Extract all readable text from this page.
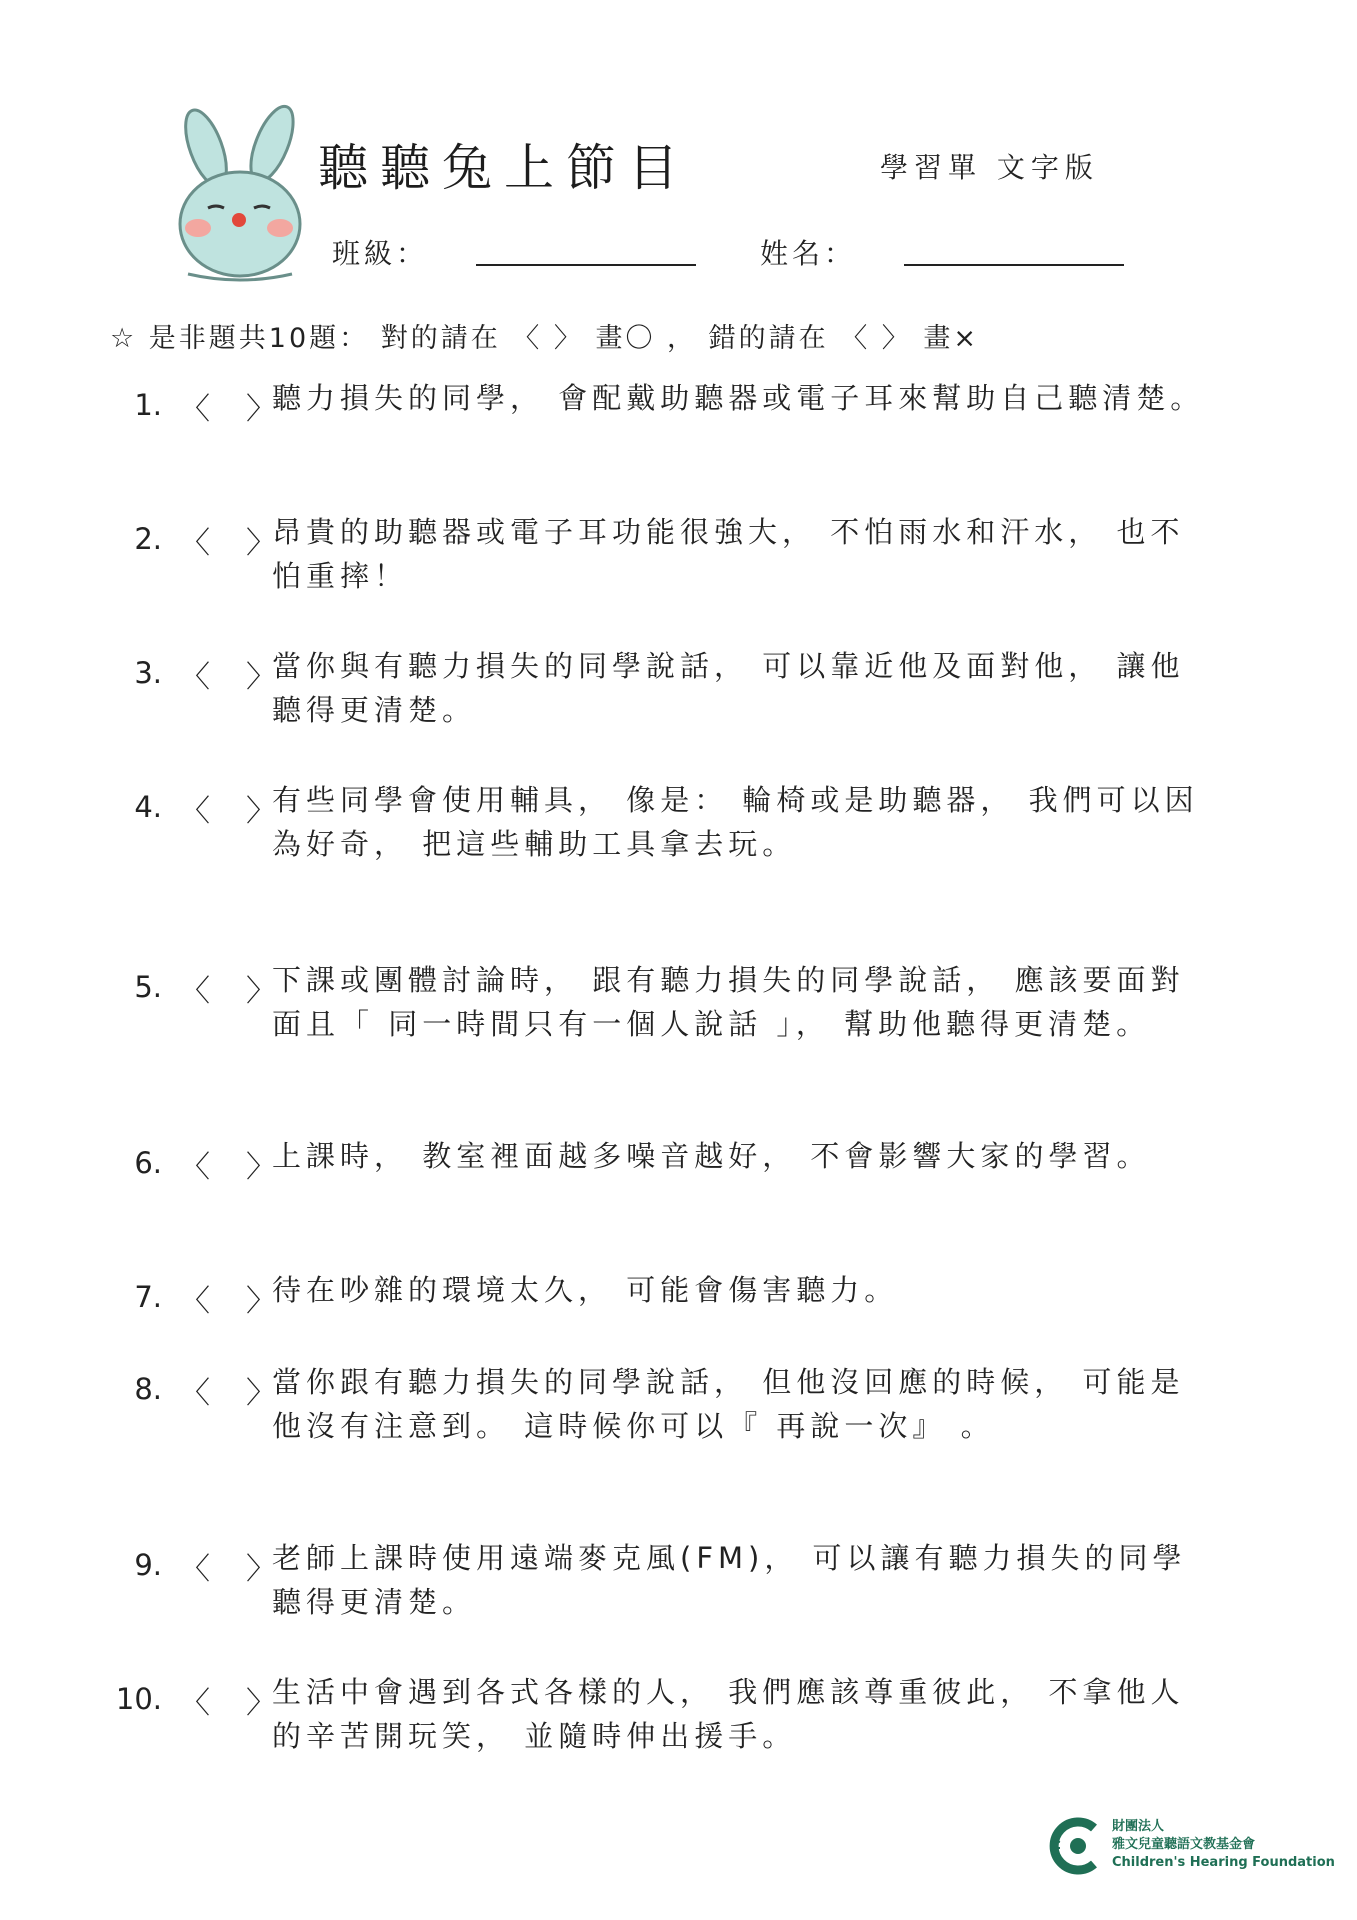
聽聽兔上節目	學習單 文字版
班級：	姓名：
☆ 是非題共10題： 對的請在 〈 〉 畫〇 ， 錯的請在 〈 〉 畫×
1. 〈〉
聽力損失的同學， 會配戴助聽器或電子耳來幫助自己聽清楚。
2. 〈〉
昂貴的助聽器或電子耳功能很強大， 不怕雨水和汗水， 也不怕重摔！
3. 〈〉
當你與有聽力損失的同學說話， 可以靠近他及面對他， 讓他聽得更清楚。
4. 〈〉
有些同學會使用輔具， 像是： 輪椅或是助聽器， 我們可以因為好奇， 把這些輔助工具拿去玩。
5. 〈〉
下課或團體討論時， 跟有聽力損失的同學說話， 應該要面對面且「 同一時間只有一個人說話 」， 幫助他聽得更清楚。
6. 〈〉
上課時， 教室裡面越多噪音越好， 不會影響大家的學習。
7. 〈〉
待在吵雜的環境太久， 可能會傷害聽力。
8. 〈〉
當你跟有聽力損失的同學說話， 但他沒回應的時候， 可能是他沒有注意到。 這時候你可以『 再說一次』 。
9. 〈〉
老師上課時使用遠端麥克風(FM)， 可以讓有聽力損失的同學聽得更清楚。
10. 〈〉
生活中會遇到各式各樣的人， 我們應該尊重彼此， 不拿他人的辛苦開玩笑， 並隨時伸出援手。
財團法人
雅文兒童聽語文教基金會
Children's Hearing Foundation
